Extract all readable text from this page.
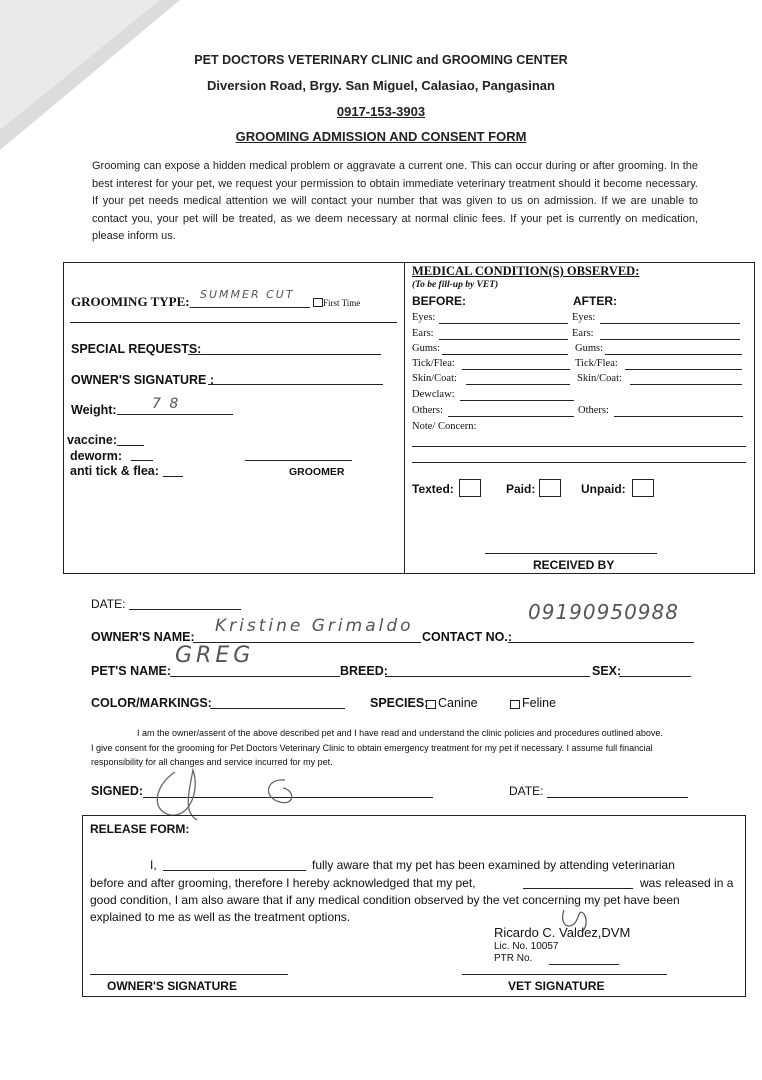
PET DOCTORS VETERINARY CLINIC and GROOMING CENTER
Diversion Road, Brgy. San Miguel, Calasiao, Pangasinan
0917-153-3903
GROOMING ADMISSION AND CONSENT FORM
Grooming can expose a hidden medical problem or aggravate a current one. This can occur during or after grooming. In the best interest for your pet, we request your permission to obtain immediate veterinary treatment should it become necessary. If your pet needs medical attention we will contact your number that was given to us on admission. If we are unable to contact you, your pet will be treated, as we deem necessary at normal clinic fees. If your pet is currently on medication, please inform us.
GROOMING TYPE: SUMMER CUT
First Time
SPECIAL REQUESTS:
OWNER'S SIGNATURE :
Weight:	7 8
vaccine:
deworm:
anti tick & flea:	GROOMER
MEDICAL CONDITION(S) OBSERVED:
(To be fill-up by VET)
BEFORE:	AFTER:
Eyes:	Eyes:
Ears:	Ears:
Gums:	Gums:
Tick/Flea:	Tick/Flea:
Skin/Coat:	Skin/Coat:
Dewclaw:
Others:	Others:
Note/ Concern:
Texted:	Paid:	Unpaid:
RECEIVED BY
DATE:
OWNER'S NAME:
Kristine Grimaldo
CONTACT NO.:
09190950988
PET'S NAME:
GREG
BREED:	SEX:
COLOR/MARKINGS:	SPECIES: Canine	Feline
I am the owner/assent of the above described pet and I have read and understand the clinic policies and procedures outlined above.
I give consent for the grooming for Pet Doctors Veterinary Clinic to obtain emergency treatment for my pet if necessary. I assume full financial
responsibility for all changes and service incurred for my pet.
SIGNED:	DATE:
RELEASE FORM:
I,	fully aware that my pet has been examined by attending veterinarian
before and after grooming, therefore I hereby acknowledged that my pet,	was released in a
good condition, I am also aware that if any medical condition observed by the vet concerning my pet have been
explained to me as well as the treatment options.
Ricardo C. Valdez,DVM
Lic. No. 10057
PTR No.
OWNER'S SIGNATURE	VET SIGNATURE
